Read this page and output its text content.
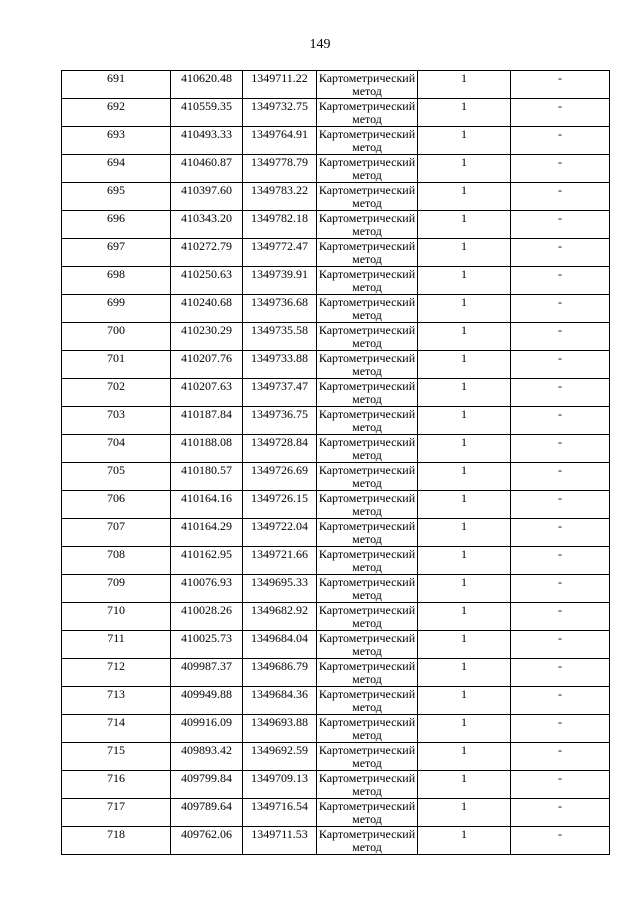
149
691	410620.48	1349711.22	Картометрический метод	1	-
692	410559.35	1349732.75	Картометрический метод	1	-
693	410493.33	1349764.91	Картометрический метод	1	-
694	410460.87	1349778.79	Картометрический метод	1	-
695	410397.60	1349783.22	Картометрический метод	1	-
696	410343.20	1349782.18	Картометрический метод	1	-
697	410272.79	1349772.47	Картометрический метод	1	-
698	410250.63	1349739.91	Картометрический метод	1	-
699	410240.68	1349736.68	Картометрический метод	1	-
700	410230.29	1349735.58	Картометрический метод	1	-
701	410207.76	1349733.88	Картометрический метод	1	-
702	410207.63	1349737.47	Картометрический метод	1	-
703	410187.84	1349736.75	Картометрический метод	1	-
704	410188.08	1349728.84	Картометрический метод	1	-
705	410180.57	1349726.69	Картометрический метод	1	-
706	410164.16	1349726.15	Картометрический метод	1	-
707	410164.29	1349722.04	Картометрический метод	1	-
708	410162.95	1349721.66	Картометрический метод	1	-
709	410076.93	1349695.33	Картометрический метод	1	-
710	410028.26	1349682.92	Картометрический метод	1	-
711	410025.73	1349684.04	Картометрический метод	1	-
712	409987.37	1349686.79	Картометрический метод	1	-
713	409949.88	1349684.36	Картометрический метод	1	-
714	409916.09	1349693.88	Картометрический метод	1	-
715	409893.42	1349692.59	Картометрический метод	1	-
716	409799.84	1349709.13	Картометрический метод	1	-
717	409789.64	1349716.54	Картометрический метод	1	-
718	409762.06	1349711.53	Картометрический метод	1	-
